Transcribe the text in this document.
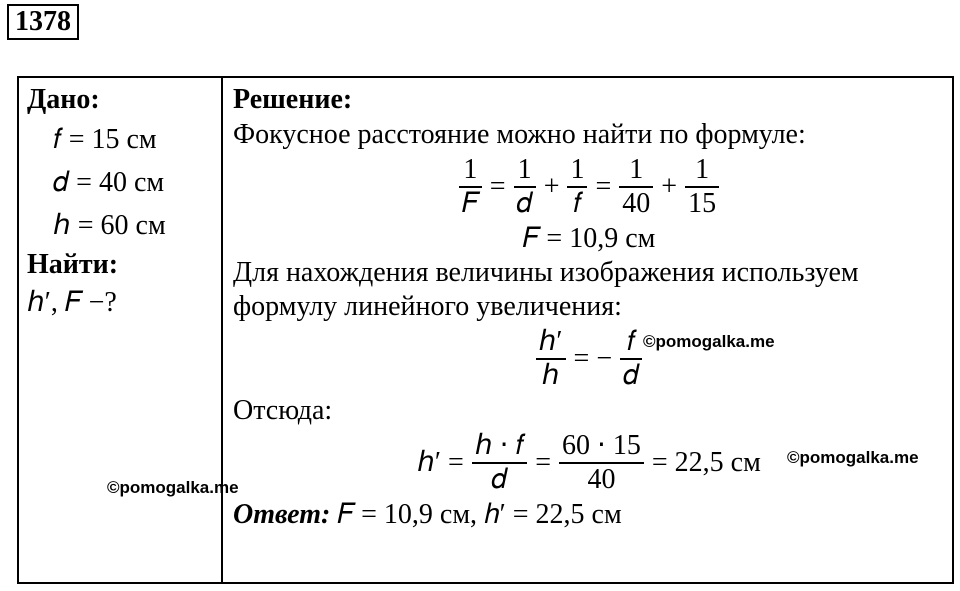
1378
Дано:
𝑓 = 15 см
𝑑 = 40 см
ℎ = 60 см
Найти:
ℎ′, 𝐹 −?
Решение:
Фокусное расстояние можно найти по формуле:
$\frac{1}{\text{𝐹}} = \frac{1}{\text{𝑑}} + \frac{1}{\text{𝑓}} = \frac{1}{40} + \frac{1}{15}$
𝐹 = 10,9 см
Для нахождения величины изображения используем
формулу линейного увеличения:
$\frac{\text{ℎ′}}{\text{ℎ}}$ = − $\frac{\text{𝑓}}{\text{𝑑}}$
Отсюда:
ℎ′ = $\frac{\text{ℎ ⋅ 𝑓}}{\text{𝑑}} = \frac{60 \cdot 15}{40} = 22,5$ см
Ответ: 𝐹 = 10,9 см, ℎ′ = 22,5 см
©pomogalka.me
©pomogalka.me
©pomogalka.me
